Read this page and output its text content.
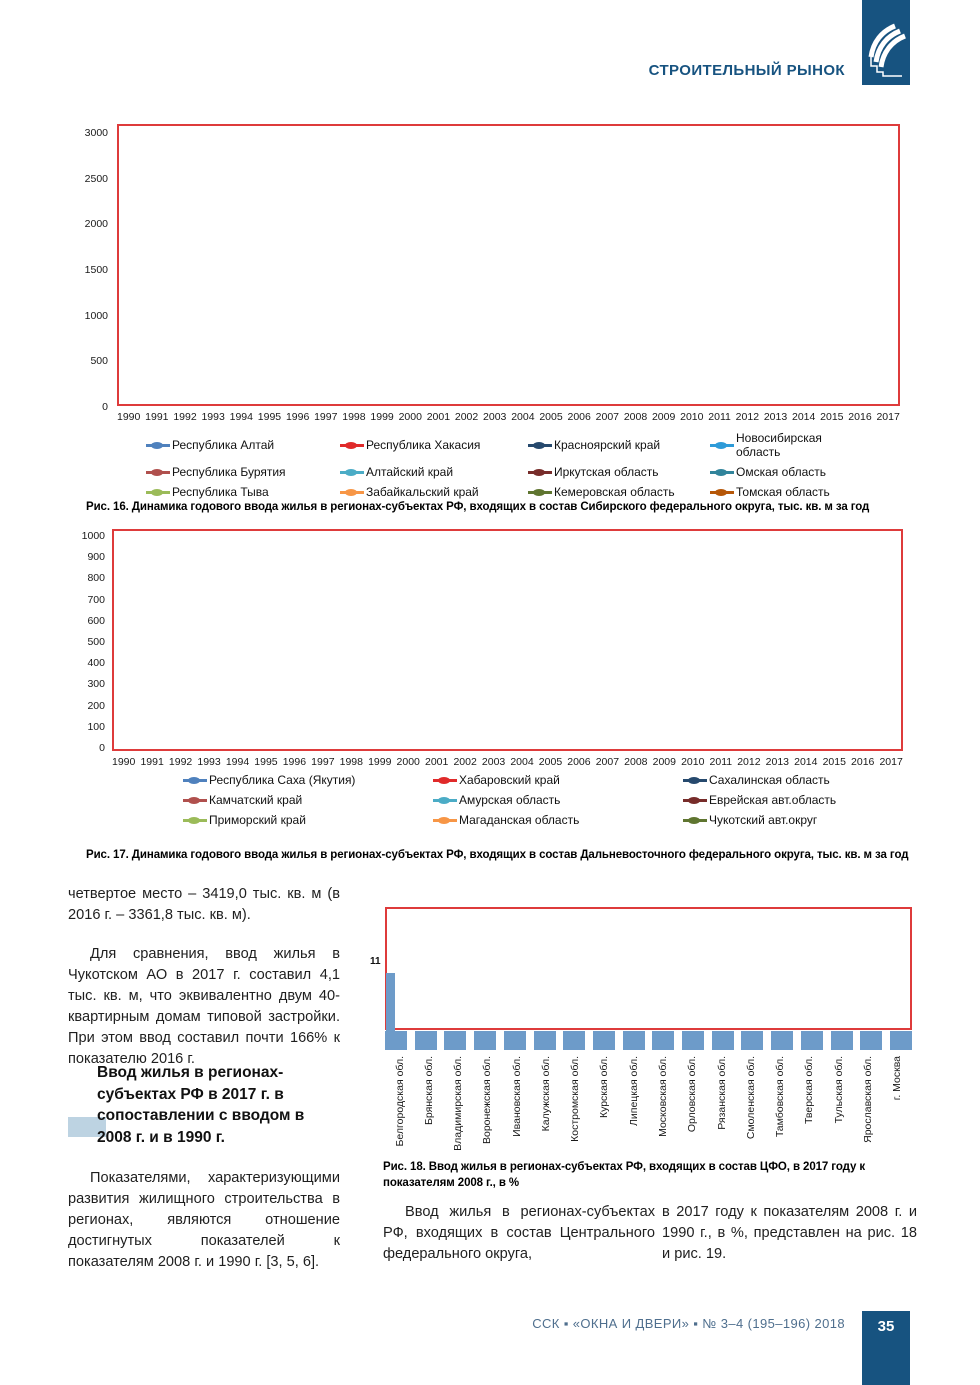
СТРОИТЕЛЬНЫЙ РЫНОК
3000
2500
2000
1500
1000
500
0
1990 1991 1992 1993 1994 1995 1996 1997 1998 1999 2000 2001 2002 2003 2004 2005 2006 2007 2008 2009 2010 2011 2012 2013 2014 2015 2016 2017
Республика Алтай
Республика Бурятия
Республика Тыва
Республика Хакасия
Алтайский край
Забайкальский край
Красноярский край
Иркутская область
Кемеровская область
Новосибирская область
Омская область
Томская область
Рис. 16. Динамика годового ввода жилья в регионах-субъектах РФ, входящих в состав Сибирского федерального округа, тыс. кв. м за год
1000
900
800
700
600
500
400
300
200
100
0
1990 1991 1992 1993 1994 1995 1996 1997 1998 1999 2000 2001 2002 2003 2004 2005 2006 2007 2008 2009 2010 2011 2012 2013 2014 2015 2016 2017
Республика Саха (Якутия)
Камчатский край
Приморский край
Хабаровский край
Амурская область
Магаданская область
Сахалинская область
Еврейская авт.область
Чукотский авт.округ
Рис. 17. Динамика годового ввода жилья в регионах-субъектах РФ, входящих в состав Дальневосточного федерального округа, тыс. кв. м за год

четвертое место – 3419,0 тыс. кв. м (в 2016 г. – 3361,8 тыс. кв. м).

Для сравнения, ввод жилья в Чукотском АО в 2017 г. составил 4,1 тыс. кв. м, что эквивалентно двум 40-квартирным домам типовой застройки. При этом ввод составил почти 166% к показателю 2016 г.

Ввод жилья в регионах-субъектах РФ в 2017 г. в сопоставлении с вводом в 2008 г. и в 1990 г.

Показателями, характеризующими развития жилищного строительства в регионах, являются отношение достигнутых показателей к показателям 2008 г. и 1990 г. [3, 5, 6].

11
Белгородская обл. Брянская обл. Владимирская обл. Воронежская обл. Ивановская обл. Калужская обл. Костромская обл. Курская обл. Липецкая обл. Московская обл. Орловская обл. Рязанская обл. Смоленская обл. Тамбовская обл. Тверская обл. Тульская обл. Ярославская обл. г. Москва
Рис. 18. Ввод жилья в регионах-субъектах РФ, входящих в состав ЦФО, в 2017 году к показателям 2008 г., в %

Ввод жилья в регионах-субъектах РФ, входящих в состав Центрального федерального округа,

в 2017 году к показателям 2008 г. и 1990 г., в %, представлен на рис. 18 и рис. 19.

ССК ▪ «ОКНА И ДВЕРИ» ▪ № 3–4 (195–196) 2018	35
